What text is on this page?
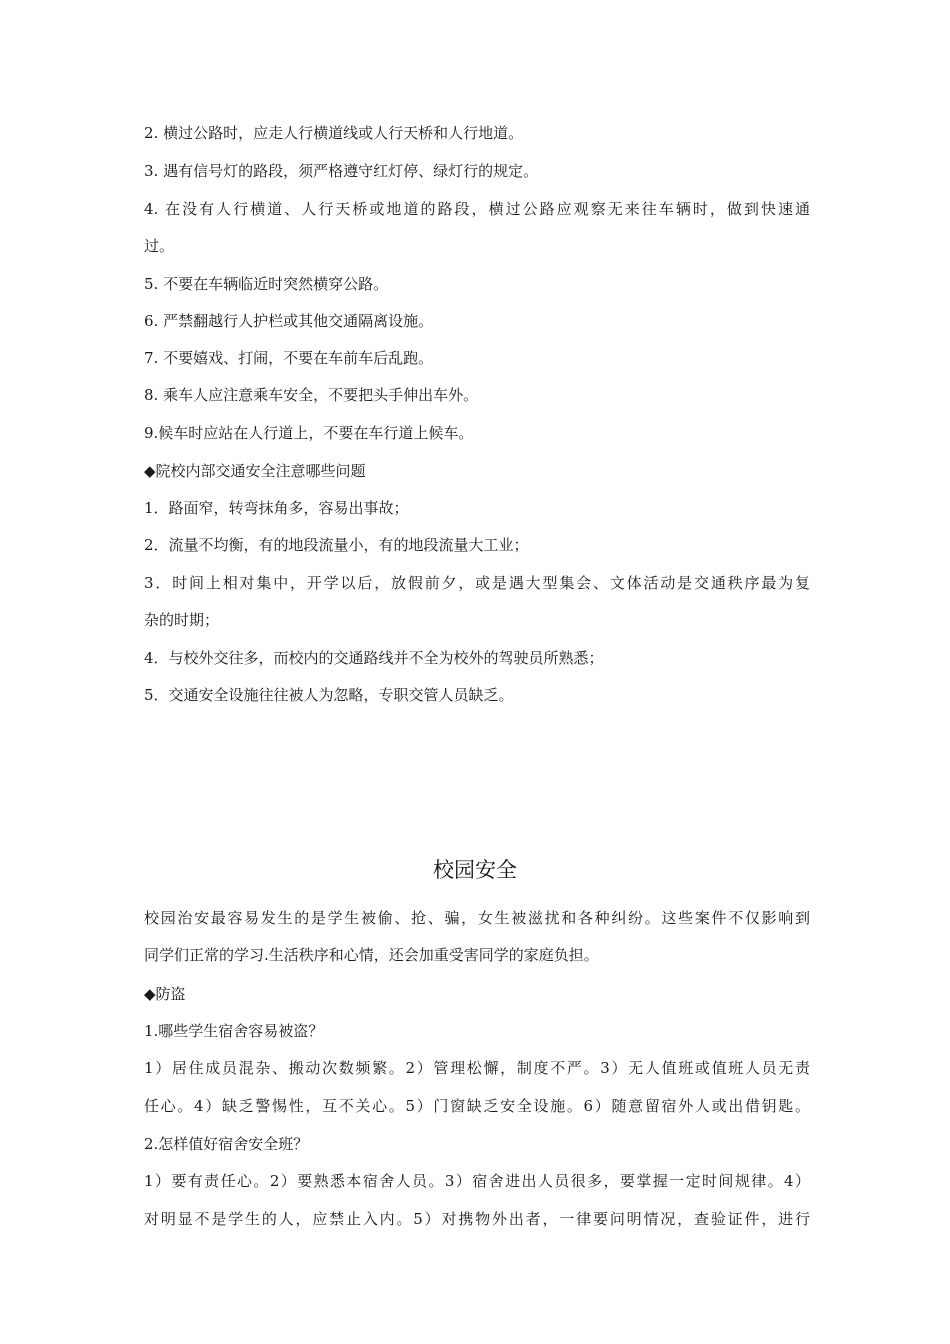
2. 横过公路时，应走人行横道线或人行天桥和人行地道。
3. 遇有信号灯的路段，须严格遵守红灯停、绿灯行的规定。
4. 在没有人行横道、人行天桥或地道的路段，横过公路应观察无来往车辆时，做到快速通
过。
5. 不要在车辆临近时突然横穿公路。
6. 严禁翻越行人护栏或其他交通隔离设施。
7. 不要嬉戏、打闹，不要在车前车后乱跑。
8. 乘车人应注意乘车安全，不要把头手伸出车外。
9.候车时应站在人行道上，不要在车行道上候车。
◆院校内部交通安全注意哪些问题
1．路面窄，转弯抹角多，容易出事故；
2．流量不均衡，有的地段流量小，有的地段流量大工业；
3．时间上相对集中，开学以后，放假前夕，或是遇大型集会、文体活动是交通秩序最为复
杂的时期；
4．与校外交往多，而校内的交通路线并不全为校外的驾驶员所熟悉；
5．交通安全设施往往被人为忽略，专职交管人员缺乏。
校园安全
校园治安最容易发生的是学生被偷、抢、骗，女生被滋扰和各种纠纷。这些案件不仅影响到
同学们正常的学习.生活秩序和心情，还会加重受害同学的家庭负担。
◆防盗
1.哪些学生宿舍容易被盗？
1）居住成员混杂、搬动次数频繁。2）管理松懈，制度不严。3）无人值班或值班人员无责
任心。4）缺乏警惕性，互不关心。5）门窗缺乏安全设施。6）随意留宿外人或出借钥匙。
2.怎样值好宿舍安全班？
1）要有责任心。2）要熟悉本宿舍人员。3）宿舍进出人员很多，要掌握一定时间规律。4）
对明显不是学生的人，应禁止入内。5）对携物外出者，一律要问明情况，查验证件，进行
